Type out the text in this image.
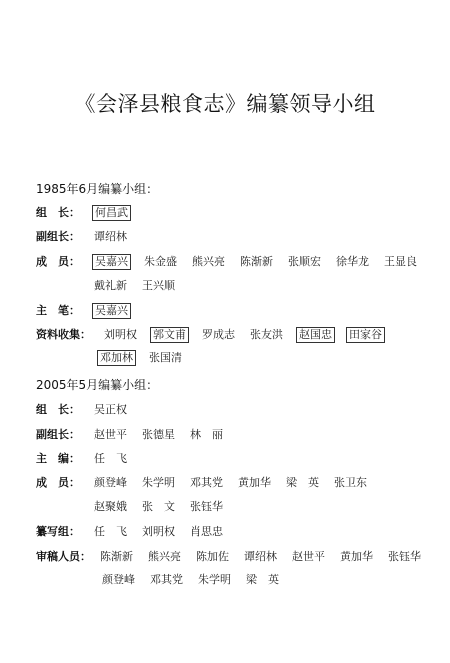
《会泽县粮食志》编纂领导小组
1985年6月编纂小组：
组　长：	何昌武
副组长：	谭绍林
成　员：	吴嘉兴 朱金盛 熊兴亮 陈渐新 张顺宏 徐华龙 王显良
戴礼新 王兴顺
主　笔：	吴嘉兴
资料收集：	刘明权 郭文甫 罗成志 张友洪 赵国忠 田家谷
邓加林 张国清
2005年5月编纂小组：
组　长：	吴正权
副组长：	赵世平 张德星 林　丽
主　编：	任　飞
成　员：	颜登峰 朱学明 邓其党 黄加华 梁　英 张卫东
赵聚娥 张　文 张钰华
纂写组：	任　飞 刘明权 肖思忠
审稿人员： 陈渐新 熊兴亮 陈加佐 谭绍林 赵世平 黄加华 张钰华
颜登峰 邓其党 朱学明 梁　英
